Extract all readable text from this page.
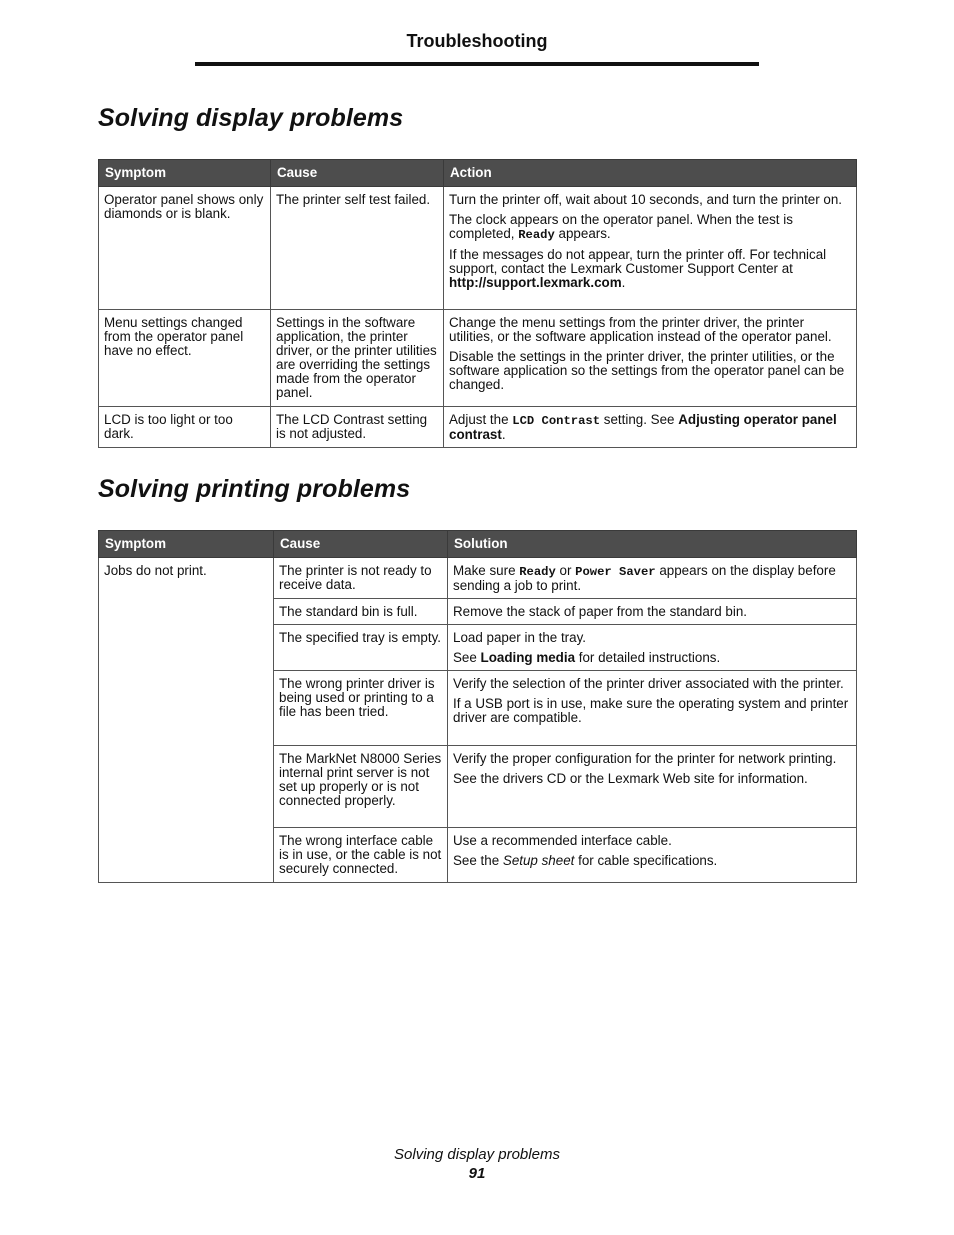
Troubleshooting
Solving display problems
Symptom	Cause	Action
Operator panel shows only diamonds or is blank.	The printer self test failed.	Turn the printer off, wait about 10 seconds, and turn the printer on.

The clock appears on the operator panel. When the test is completed, Ready appears.

If the messages do not appear, turn the printer off. For technical support, contact the Lexmark Customer Support Center at http://support.lexmark.com.

Menu settings changed from the operator panel have no effect.	Settings in the software application, the printer driver, or the printer utilities are overriding the settings made from the operator panel.	Change the menu settings from the printer driver, the printer utilities, or the software application instead of the operator panel.

Disable the settings in the printer driver, the printer utilities, or the software application so the settings from the operator panel can be changed.

LCD is too light or too dark.	The LCD Contrast setting is not adjusted.	Adjust the LCD Contrast setting. See Adjusting operator panel contrast.

Solving printing problems
Symptom	Cause	Solution
Jobs do not print.	The printer is not ready to receive data.	Make sure Ready or Power Saver appears on the display before sending a job to print.

	The standard bin is full.	Remove the stack of paper from the standard bin.

	The specified tray is empty.	Load paper in the tray.

See Loading media for detailed instructions.

	The wrong printer driver is being used or printing to a file has been tried.	Verify the selection of the printer driver associated with the printer.

If a USB port is in use, make sure the operating system and printer driver are compatible.

	The MarkNet N8000 Series internal print server is not set up properly or is not connected properly.	Verify the proper configuration for the printer for network printing.

See the drivers CD or the Lexmark Web site for information.

	The wrong interface cable is in use, or the cable is not securely connected.	Use a recommended interface cable.

See the Setup sheet for cable specifications.

Solving display problems
91
